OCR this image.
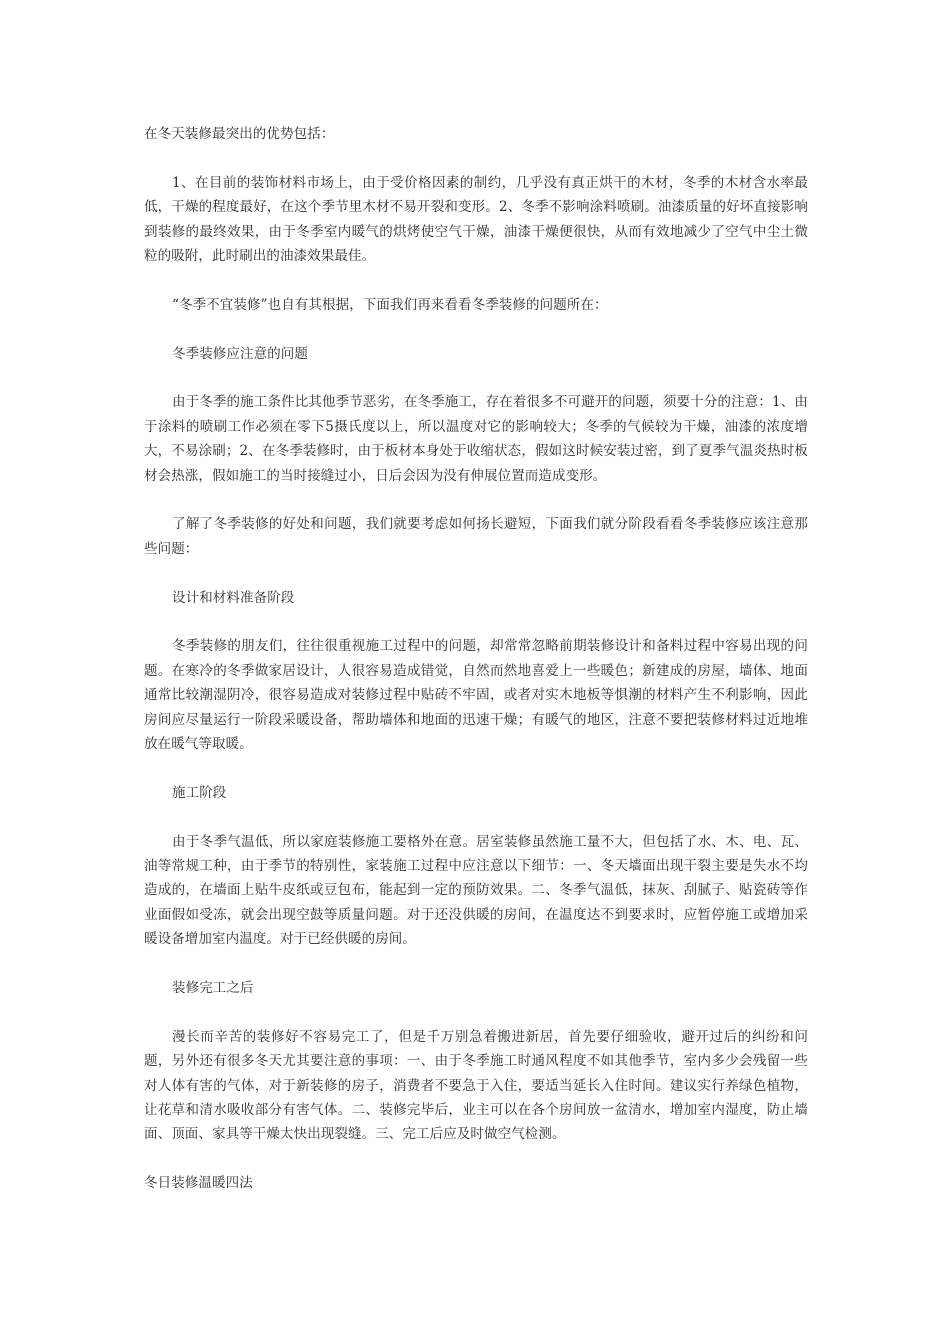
在冬天装修最突出的优势包括：

1、在目前的装饰材料市场上，由于受价格因素的制约，几乎没有真正烘干的木材，冬季的木材含水率最低，干燥的程度最好，在这个季节里木材不易开裂和变形。2、冬季不影响涂料喷刷。油漆质量的好坏直接影响到装修的最终效果，由于冬季室内暖气的烘烤使空气干燥，油漆干燥便很快，从而有效地减少了空气中尘土微粒的吸附，此时刷出的油漆效果最佳。

“冬季不宜装修”也自有其根据，下面我们再来看看冬季装修的问题所在：

冬季装修应注意的问题

由于冬季的施工条件比其他季节恶劣，在冬季施工，存在着很多不可避开的问题，须要十分的注意：1、由于涂料的喷刷工作必须在零下5摄氏度以上，所以温度对它的影响较大；冬季的气候较为干燥，油漆的浓度增大，不易涂刷；2、在冬季装修时，由于板材本身处于收缩状态，假如这时候安装过密，到了夏季气温炎热时板材会热涨，假如施工的当时接缝过小，日后会因为没有伸展位置而造成变形。

了解了冬季装修的好处和问题，我们就要考虑如何扬长避短，下面我们就分阶段看看冬季装修应该注意那些问题：

设计和材料准备阶段

冬季装修的朋友们，往往很重视施工过程中的问题，却常常忽略前期装修设计和备料过程中容易出现的问题。在寒冷的冬季做家居设计，人很容易造成错觉，自然而然地喜爱上一些暖色；新建成的房屋，墙体、地面通常比较潮湿阴冷，很容易造成对装修过程中贴砖不牢固，或者对实木地板等惧潮的材料产生不利影响，因此房间应尽量运行一阶段采暖设备，帮助墙体和地面的迅速干燥；有暖气的地区，注意不要把装修材料过近地堆放在暖气等取暖。

施工阶段

由于冬季气温低，所以家庭装修施工要格外在意。居室装修虽然施工量不大，但包括了水、木、电、瓦、油等常规工种，由于季节的特别性，家装施工过程中应注意以下细节：一、冬天墙面出现干裂主要是失水不均造成的，在墙面上贴牛皮纸或豆包布，能起到一定的预防效果。二、冬季气温低，抹灰、刮腻子、贴瓷砖等作业面假如受冻，就会出现空鼓等质量问题。对于还没供暖的房间，在温度达不到要求时，应暂停施工或增加采暖设备增加室内温度。对于已经供暖的房间。

装修完工之后

漫长而辛苦的装修好不容易完工了，但是千万别急着搬进新居，首先要仔细验收，避开过后的纠纷和问题，另外还有很多冬天尤其要注意的事项：一、由于冬季施工时通风程度不如其他季节，室内多少会残留一些对人体有害的气体，对于新装修的房子，消费者不要急于入住，要适当延长入住时间。建议实行养绿色植物，让花草和清水吸收部分有害气体。二、装修完毕后，业主可以在各个房间放一盆清水，增加室内湿度，防止墙面、顶面、家具等干燥太快出现裂缝。三、完工后应及时做空气检测。

冬日装修温暖四法
